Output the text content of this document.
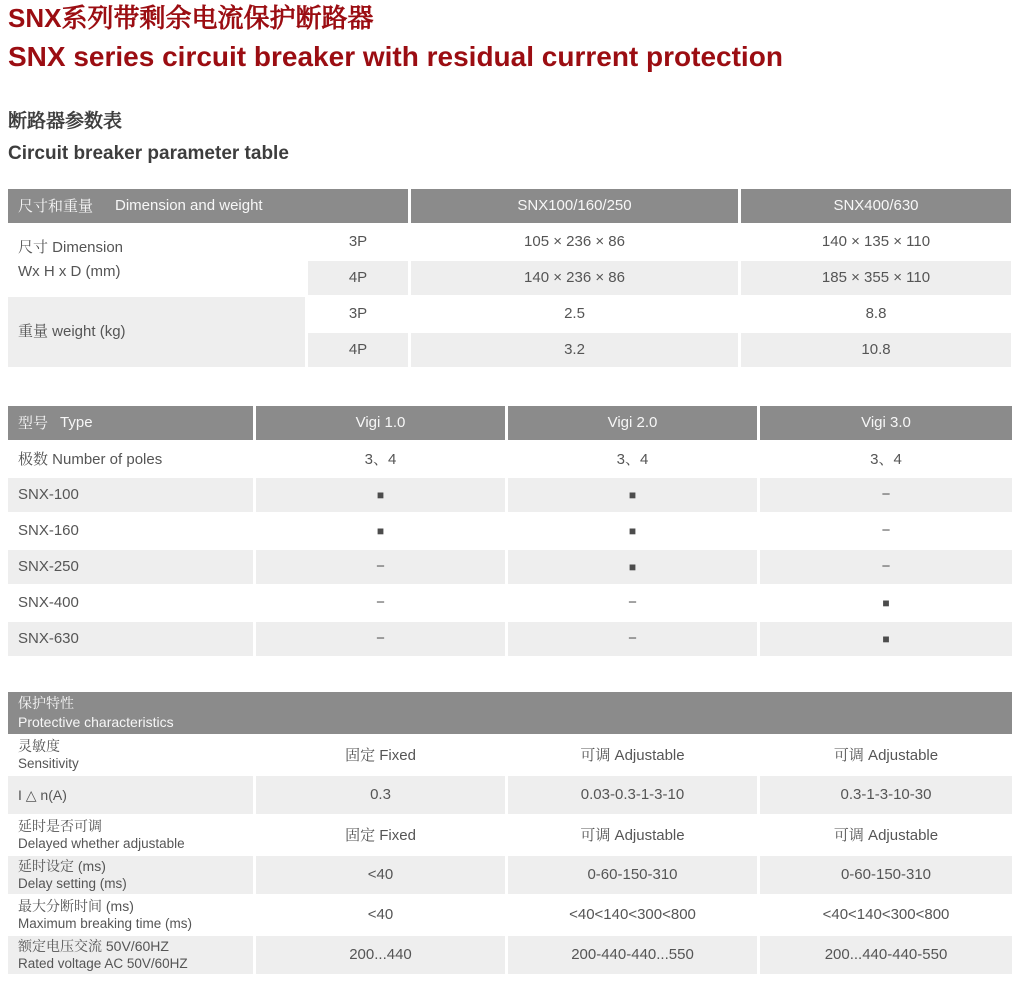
SNX系列带剩余电流保护断路器
SNX series circuit breaker with residual current protection
断路器参数表
Circuit breaker parameter table
尺寸和重量 Dimension and weight	SNX100/160/250	SNX400/630
尺寸 Dimension
Wx H x D (mm)
3P	105 × 236 × 86	140 × 135 × 110
4P	140 × 236 × 86	185 × 355 × 110
重量 weight (kg)
3P	2.5	8.8
4P	3.2	10.8
型号 Type	Vigi 1.0	Vigi 2.0	Vigi 3.0
极数 Number of poles	3、4	3、4	3、4
SNX-100	■	■	−
SNX-160	■	■	−
SNX-250	−	■	−
SNX-400	−	−	■
SNX-630	−	−	■
保护特性
Protective characteristics
灵敏度
Sensitivity	固定 Fixed	可调 Adjustable	可调 Adjustable
I △ n(A)	0.3	0.03-0.3-1-3-10	0.3-1-3-10-30
延时是否可调
Delayed whether adjustable	固定 Fixed	可调 Adjustable	可调 Adjustable
延时设定 (ms)
Delay setting (ms)
<40	0-60-150-310	0-60-150-310
最大分断时间 (ms)
Maximum breaking time (ms)
<40	<40<140<300<800	<40<140<300<800
额定电压交流 50V/60HZ
Rated voltage AC 50V/60HZ
200...440	200-440-440...550	200...440-440-550
